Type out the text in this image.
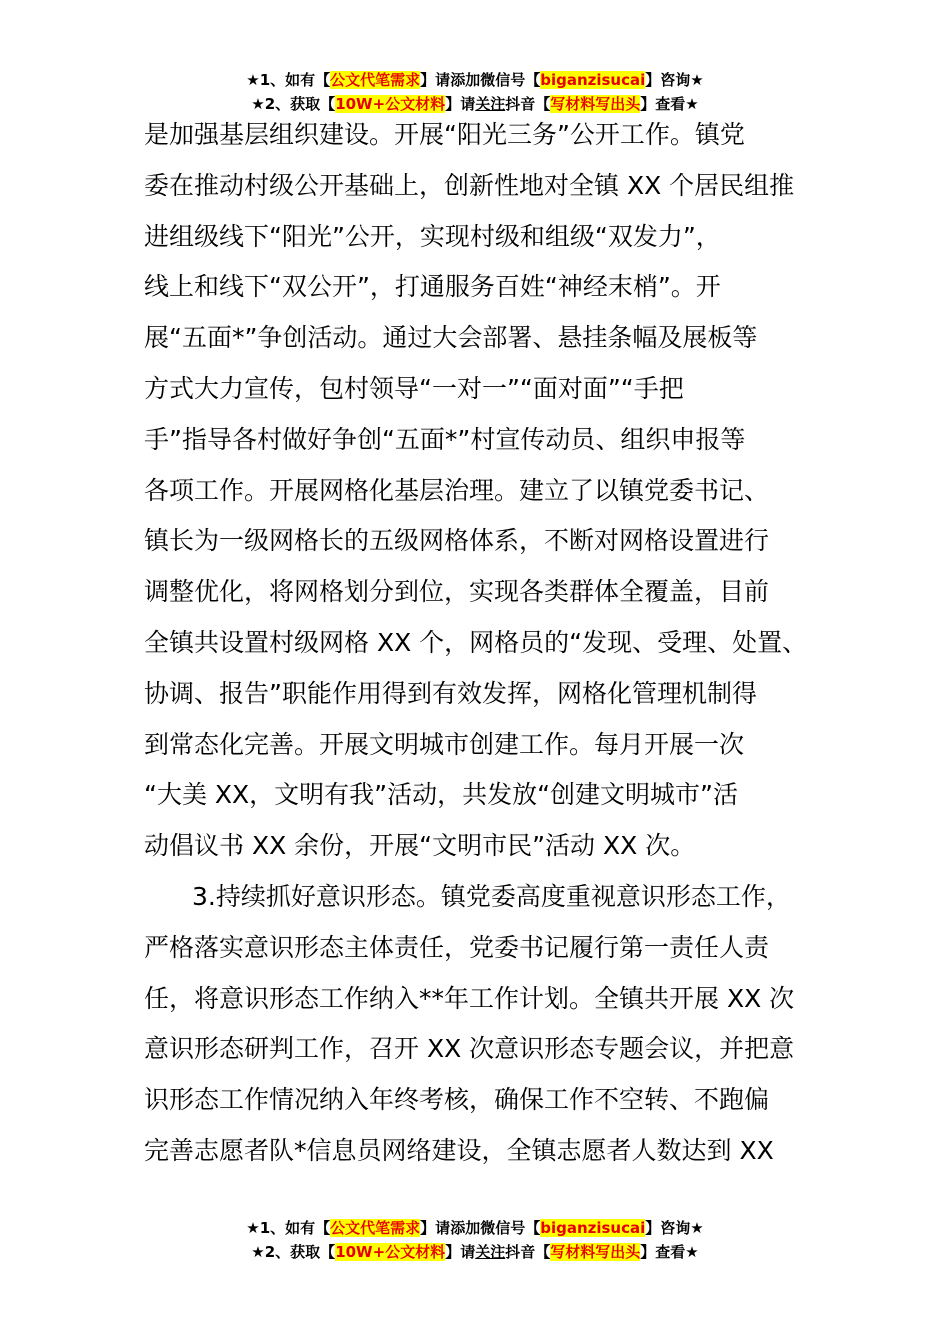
★1、如有【公文代笔需求】请添加微信号【biganzisucai】咨询★
★2、获取【10W+公文材料】请关注抖音【写材料写出头】查看★
是加强基层组织建设。开展“阳光三务”公开工作。镇党
委在推动村级公开基础上，创新性地对全镇 XX 个居民组推
进组级线下“阳光”公开，实现村级和组级“双发力”，
线上和线下“双公开”，打通服务百姓“神经末梢”。开
展“五面*”争创活动。通过大会部署、悬挂条幅及展板等
方式大力宣传，包村领导“一对一”“面对面”“手把
手”指导各村做好争创“五面*”村宣传动员、组织申报等
各项工作。开展网格化基层治理。建立了以镇党委书记、
镇长为一级网格长的五级网格体系，不断对网格设置进行
调整优化，将网格划分到位，实现各类群体全覆盖，目前
全镇共设置村级网格 XX 个，网格员的“发现、受理、处置、
协调、报告”职能作用得到有效发挥，网格化管理机制得
到常态化完善。开展文明城市创建工作。每月开展一次
“大美 XX，文明有我”活动，共发放“创建文明城市”活
动倡议书 XX 余份，开展“文明市民”活动 XX 次。
3.持续抓好意识形态。镇党委高度重视意识形态工作，
严格落实意识形态主体责任，党委书记履行第一责任人责
任，将意识形态工作纳入**年工作计划。全镇共开展 XX 次
意识形态研判工作，召开 XX 次意识形态专题会议，并把意
识形态工作情况纳入年终考核，确保工作不空转、不跑偏
完善志愿者队*信息员网络建设，全镇志愿者人数达到 XX
★1、如有【公文代笔需求】请添加微信号【biganzisucai】咨询★
★2、获取【10W+公文材料】请关注抖音【写材料写出头】查看★
